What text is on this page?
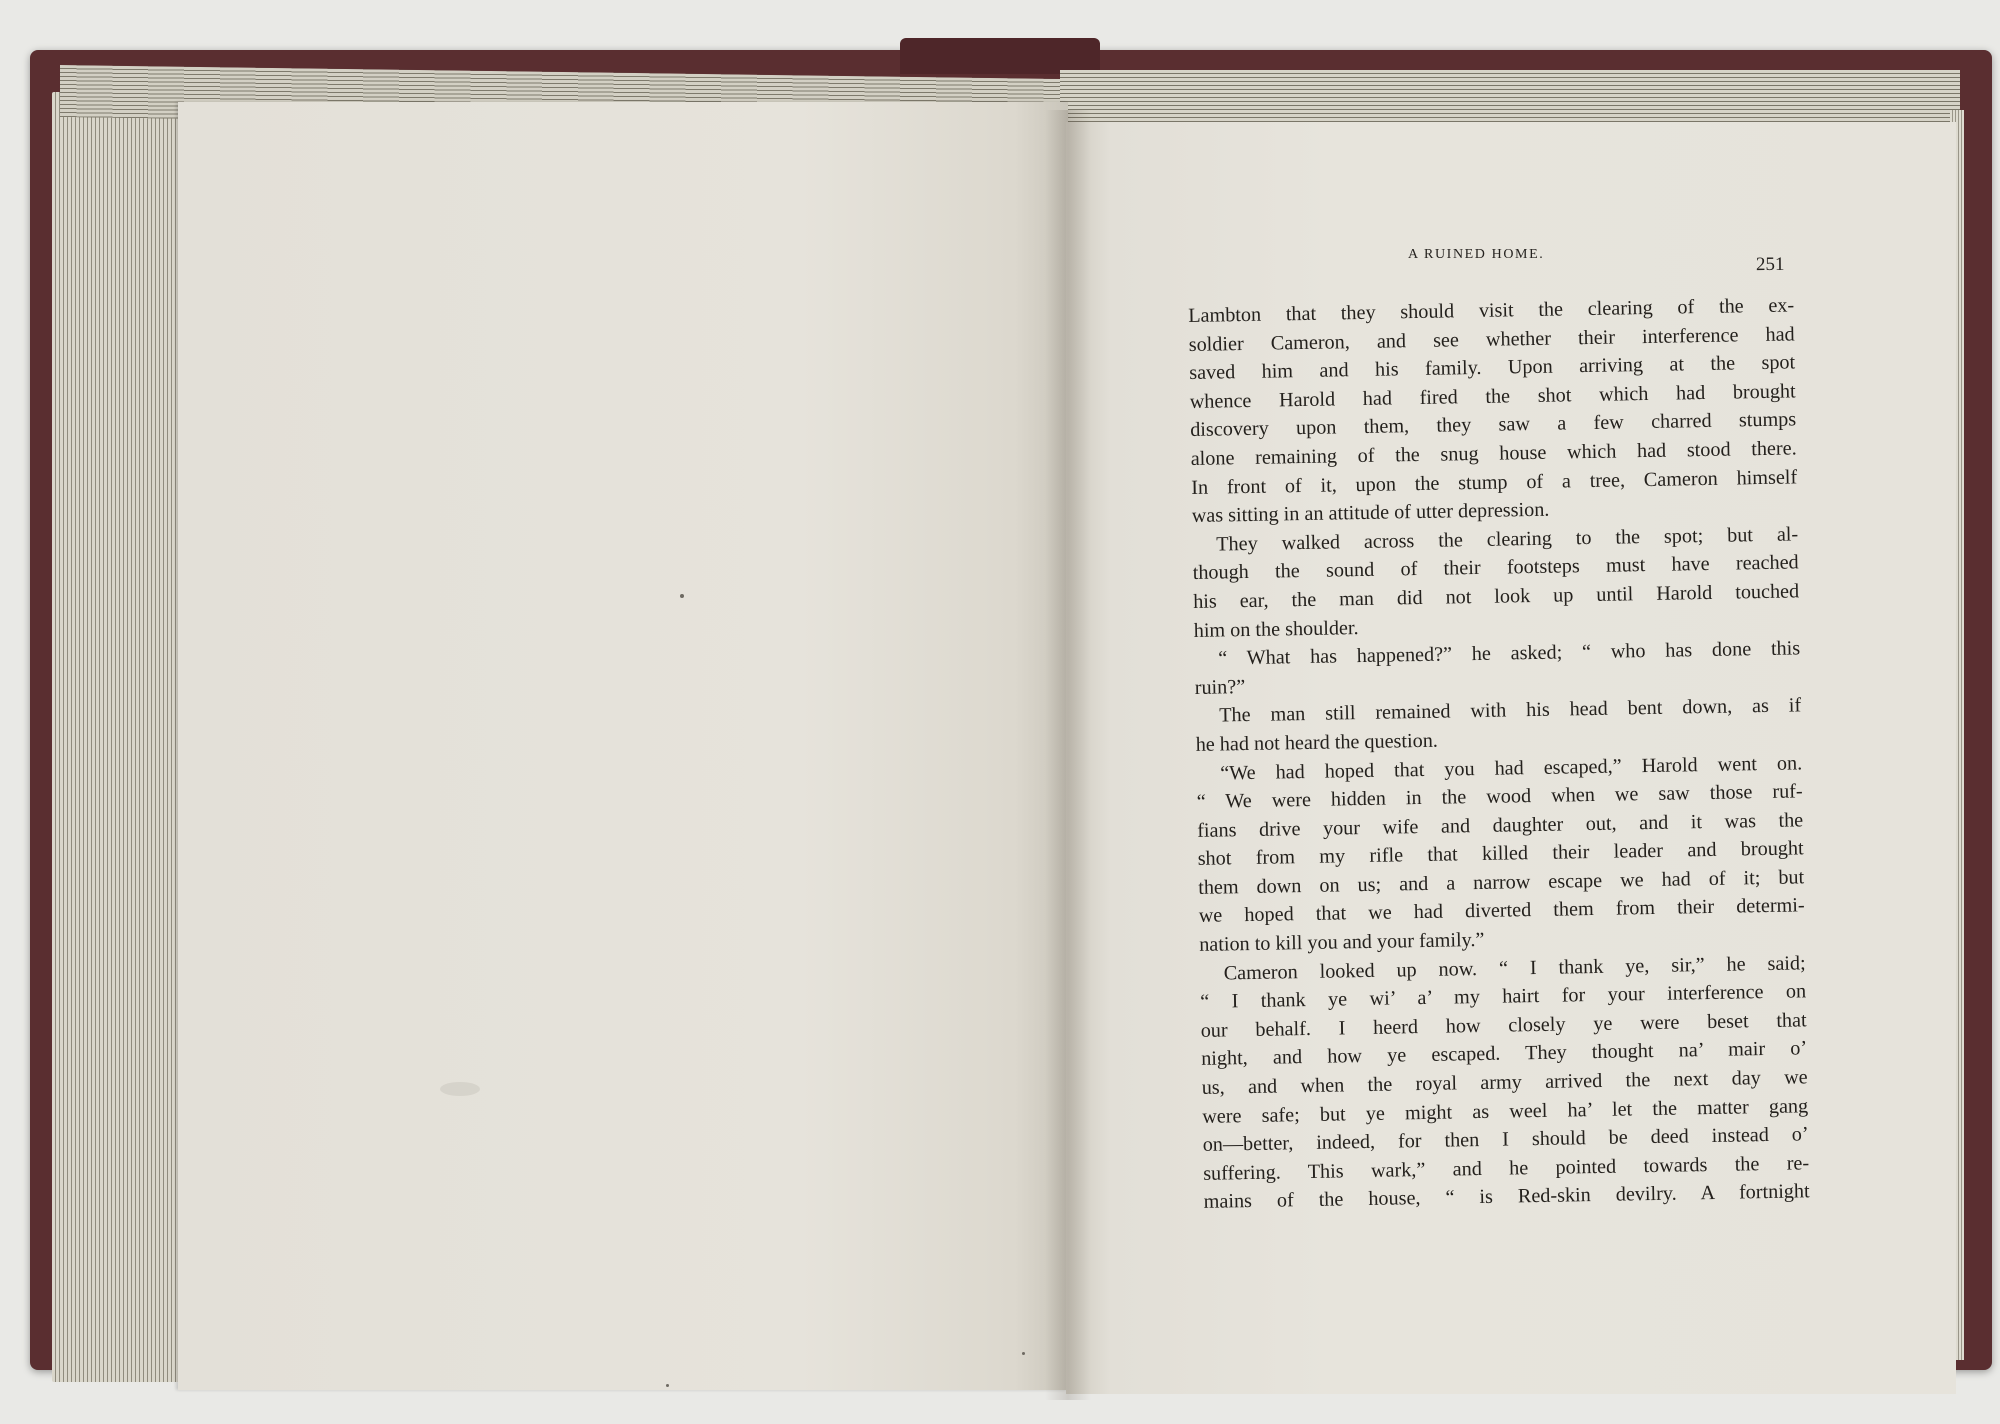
A RUINED HOME.	251
Lambton that they should visit the clearing of the ex-
soldier Cameron, and see whether their interference had
saved him and his family. Upon arriving at the spot
whence Harold had fired the shot which had brought
discovery upon them, they saw a few charred stumps
alone remaining of the snug house which had stood there.
In front of it, upon the stump of a tree, Cameron himself
was sitting in an attitude of utter depression.
They walked across the clearing to the spot; but al-
though the sound of their footsteps must have reached
his ear, the man did not look up until Harold touched
him on the shoulder.
“ What has happened?” he asked; “ who has done this
ruin?”
The man still remained with his head bent down, as if
he had not heard the question.
“We had hoped that you had escaped,” Harold went on.
“ We were hidden in the wood when we saw those ruf-
fians drive your wife and daughter out, and it was the
shot from my rifle that killed their leader and brought
them down on us; and a narrow escape we had of it; but
we hoped that we had diverted them from their determi-
nation to kill you and your family.”
Cameron looked up now. “ I thank ye, sir,” he said;
“ I thank ye wi’ a’ my hairt for your interference on
our behalf. I heerd how closely ye were beset that
night, and how ye escaped. They thought na’ mair o’
us, and when the royal army arrived the next day we
were safe; but ye might as weel ha’ let the matter gang
on—better, indeed, for then I should be deed instead o’
suffering. This wark,” and he pointed towards the re-
mains of the house, “ is Red-skin devilry. A fortnight
